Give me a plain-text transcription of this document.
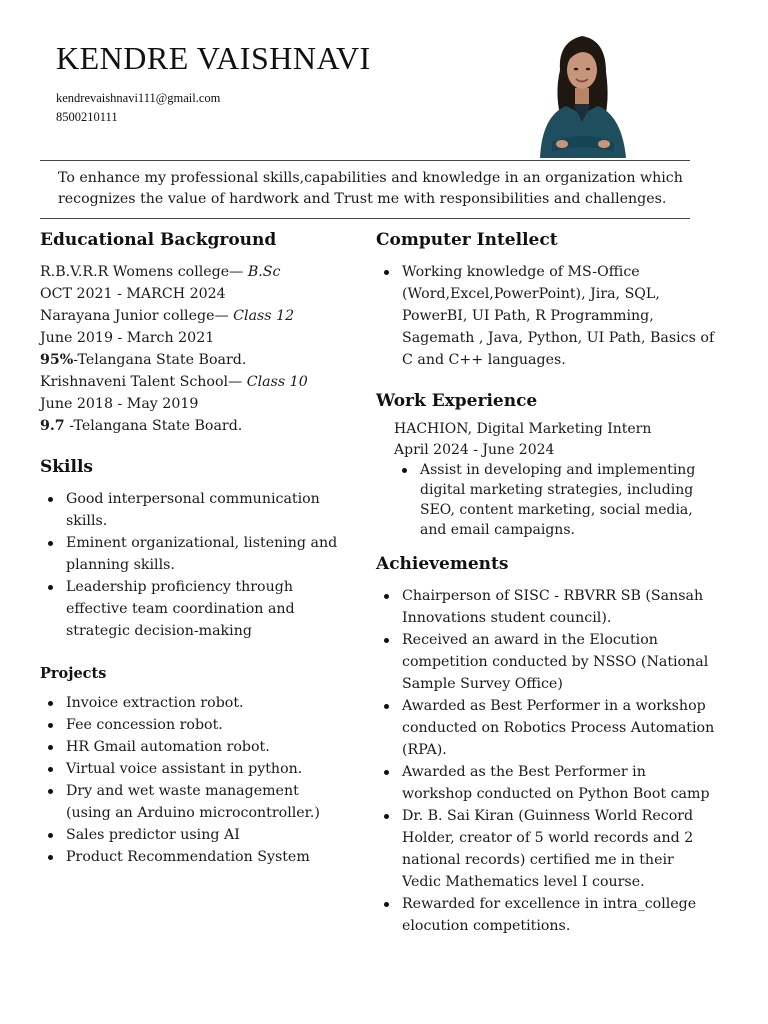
KENDRE VAISHNAVI
kendrevaishnavi111@gmail.com
8500210111
To enhance my professional skills,capabilities and knowledge in an organization which recognizes the value of hardwork and Trust me with responsibilities and challenges.
Educational Background
R.B.V.R.R Womens college— B.Sc
OCT 2021 - MARCH 2024
Narayana Junior college— Class 12
June 2019 - March 2021
95%-Telangana State Board.
Krishnaveni Talent School— Class 10
June 2018 - May 2019
9.7 -Telangana State Board.
Skills
Good interpersonal communication skills.
Eminent organizational, listening and planning skills.
Leadership proficiency through effective team coordination and strategic decision-making
Projects
Invoice extraction robot.
Fee concession robot.
HR Gmail automation robot.
Virtual voice assistant in python.
Dry and wet waste management (using an Arduino microcontroller.)
Sales predictor using AI
Product Recommendation System
Computer Intellect
Working knowledge of MS-Office (Word,Excel,PowerPoint), Jira, SQL, PowerBI, UI Path, R Programming, Sagemath , Java, Python, UI Path, Basics of C and C++ languages.
Work Experience
HACHION, Digital Marketing Intern
April 2024 - June 2024
Assist in developing and implementing digital marketing strategies, including SEO, content marketing, social media, and email campaigns.
Achievements
Chairperson of SISC - RBVRR SB (Sansah Innovations student council).
Received an award in the Elocution competition conducted by NSSO (National Sample Survey Office)
Awarded as Best Performer in a workshop conducted on Robotics Process Automation (RPA).
Awarded as the Best Performer in workshop conducted on Python Boot camp
Dr. B. Sai Kiran (Guinness World Record Holder, creator of 5 world records and 2 national records) certified me in their Vedic Mathematics level I course.
Rewarded for excellence in intra_college elocution competitions.
